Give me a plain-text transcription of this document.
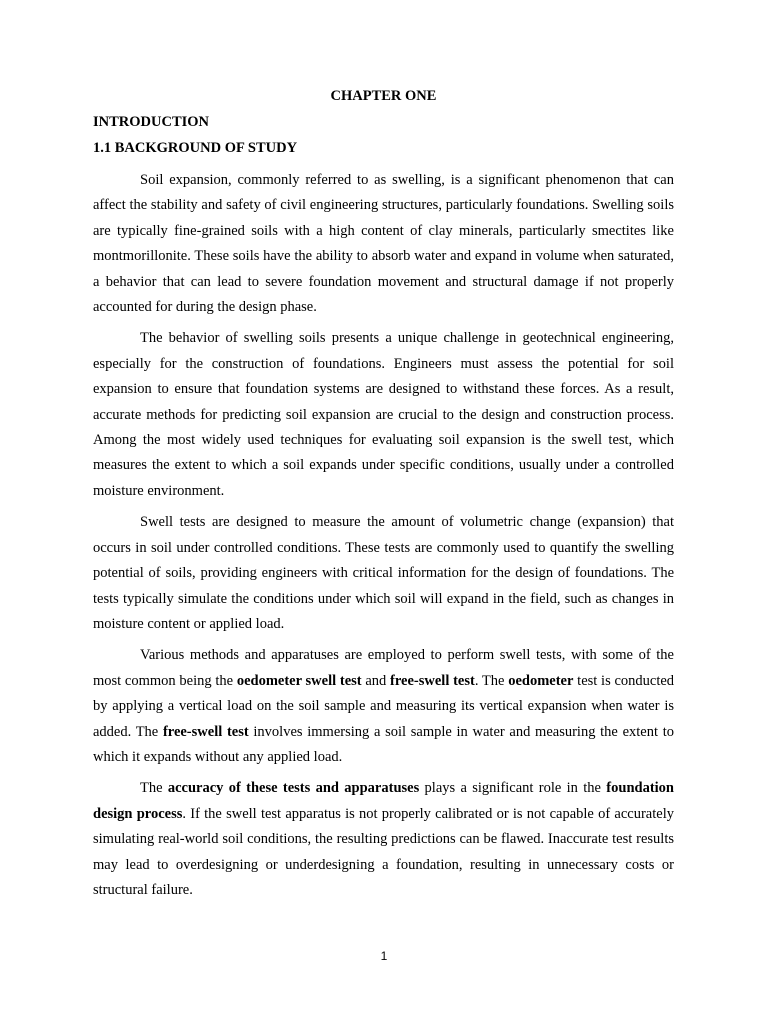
CHAPTER ONE
INTRODUCTION
1.1 BACKGROUND OF STUDY

Soil expansion, commonly referred to as swelling, is a significant phenomenon that can affect the stability and safety of civil engineering structures, particularly foundations. Swelling soils are typically fine-grained soils with a high content of clay minerals, particularly smectites like montmorillonite. These soils have the ability to absorb water and expand in volume when saturated, a behavior that can lead to severe foundation movement and structural damage if not properly accounted for during the design phase.

The behavior of swelling soils presents a unique challenge in geotechnical engineering, especially for the construction of foundations. Engineers must assess the potential for soil expansion to ensure that foundation systems are designed to withstand these forces. As a result, accurate methods for predicting soil expansion are crucial to the design and construction process. Among the most widely used techniques for evaluating soil expansion is the swell test, which measures the extent to which a soil expands under specific conditions, usually under a controlled moisture environment.

Swell tests are designed to measure the amount of volumetric change (expansion) that occurs in soil under controlled conditions. These tests are commonly used to quantify the swelling potential of soils, providing engineers with critical information for the design of foundations. The tests typically simulate the conditions under which soil will expand in the field, such as changes in moisture content or applied load.

Various methods and apparatuses are employed to perform swell tests, with some of the most common being the oedometer swell test and free-swell test. The oedometer test is conducted by applying a vertical load on the soil sample and measuring its vertical expansion when water is added. The free-swell test involves immersing a soil sample in water and measuring the extent to which it expands without any applied load.

The accuracy of these tests and apparatuses plays a significant role in the foundation design process. If the swell test apparatus is not properly calibrated or is not capable of accurately simulating real-world soil conditions, the resulting predictions can be flawed. Inaccurate test results may lead to overdesigning or underdesigning a foundation, resulting in unnecessary costs or structural failure.

1
